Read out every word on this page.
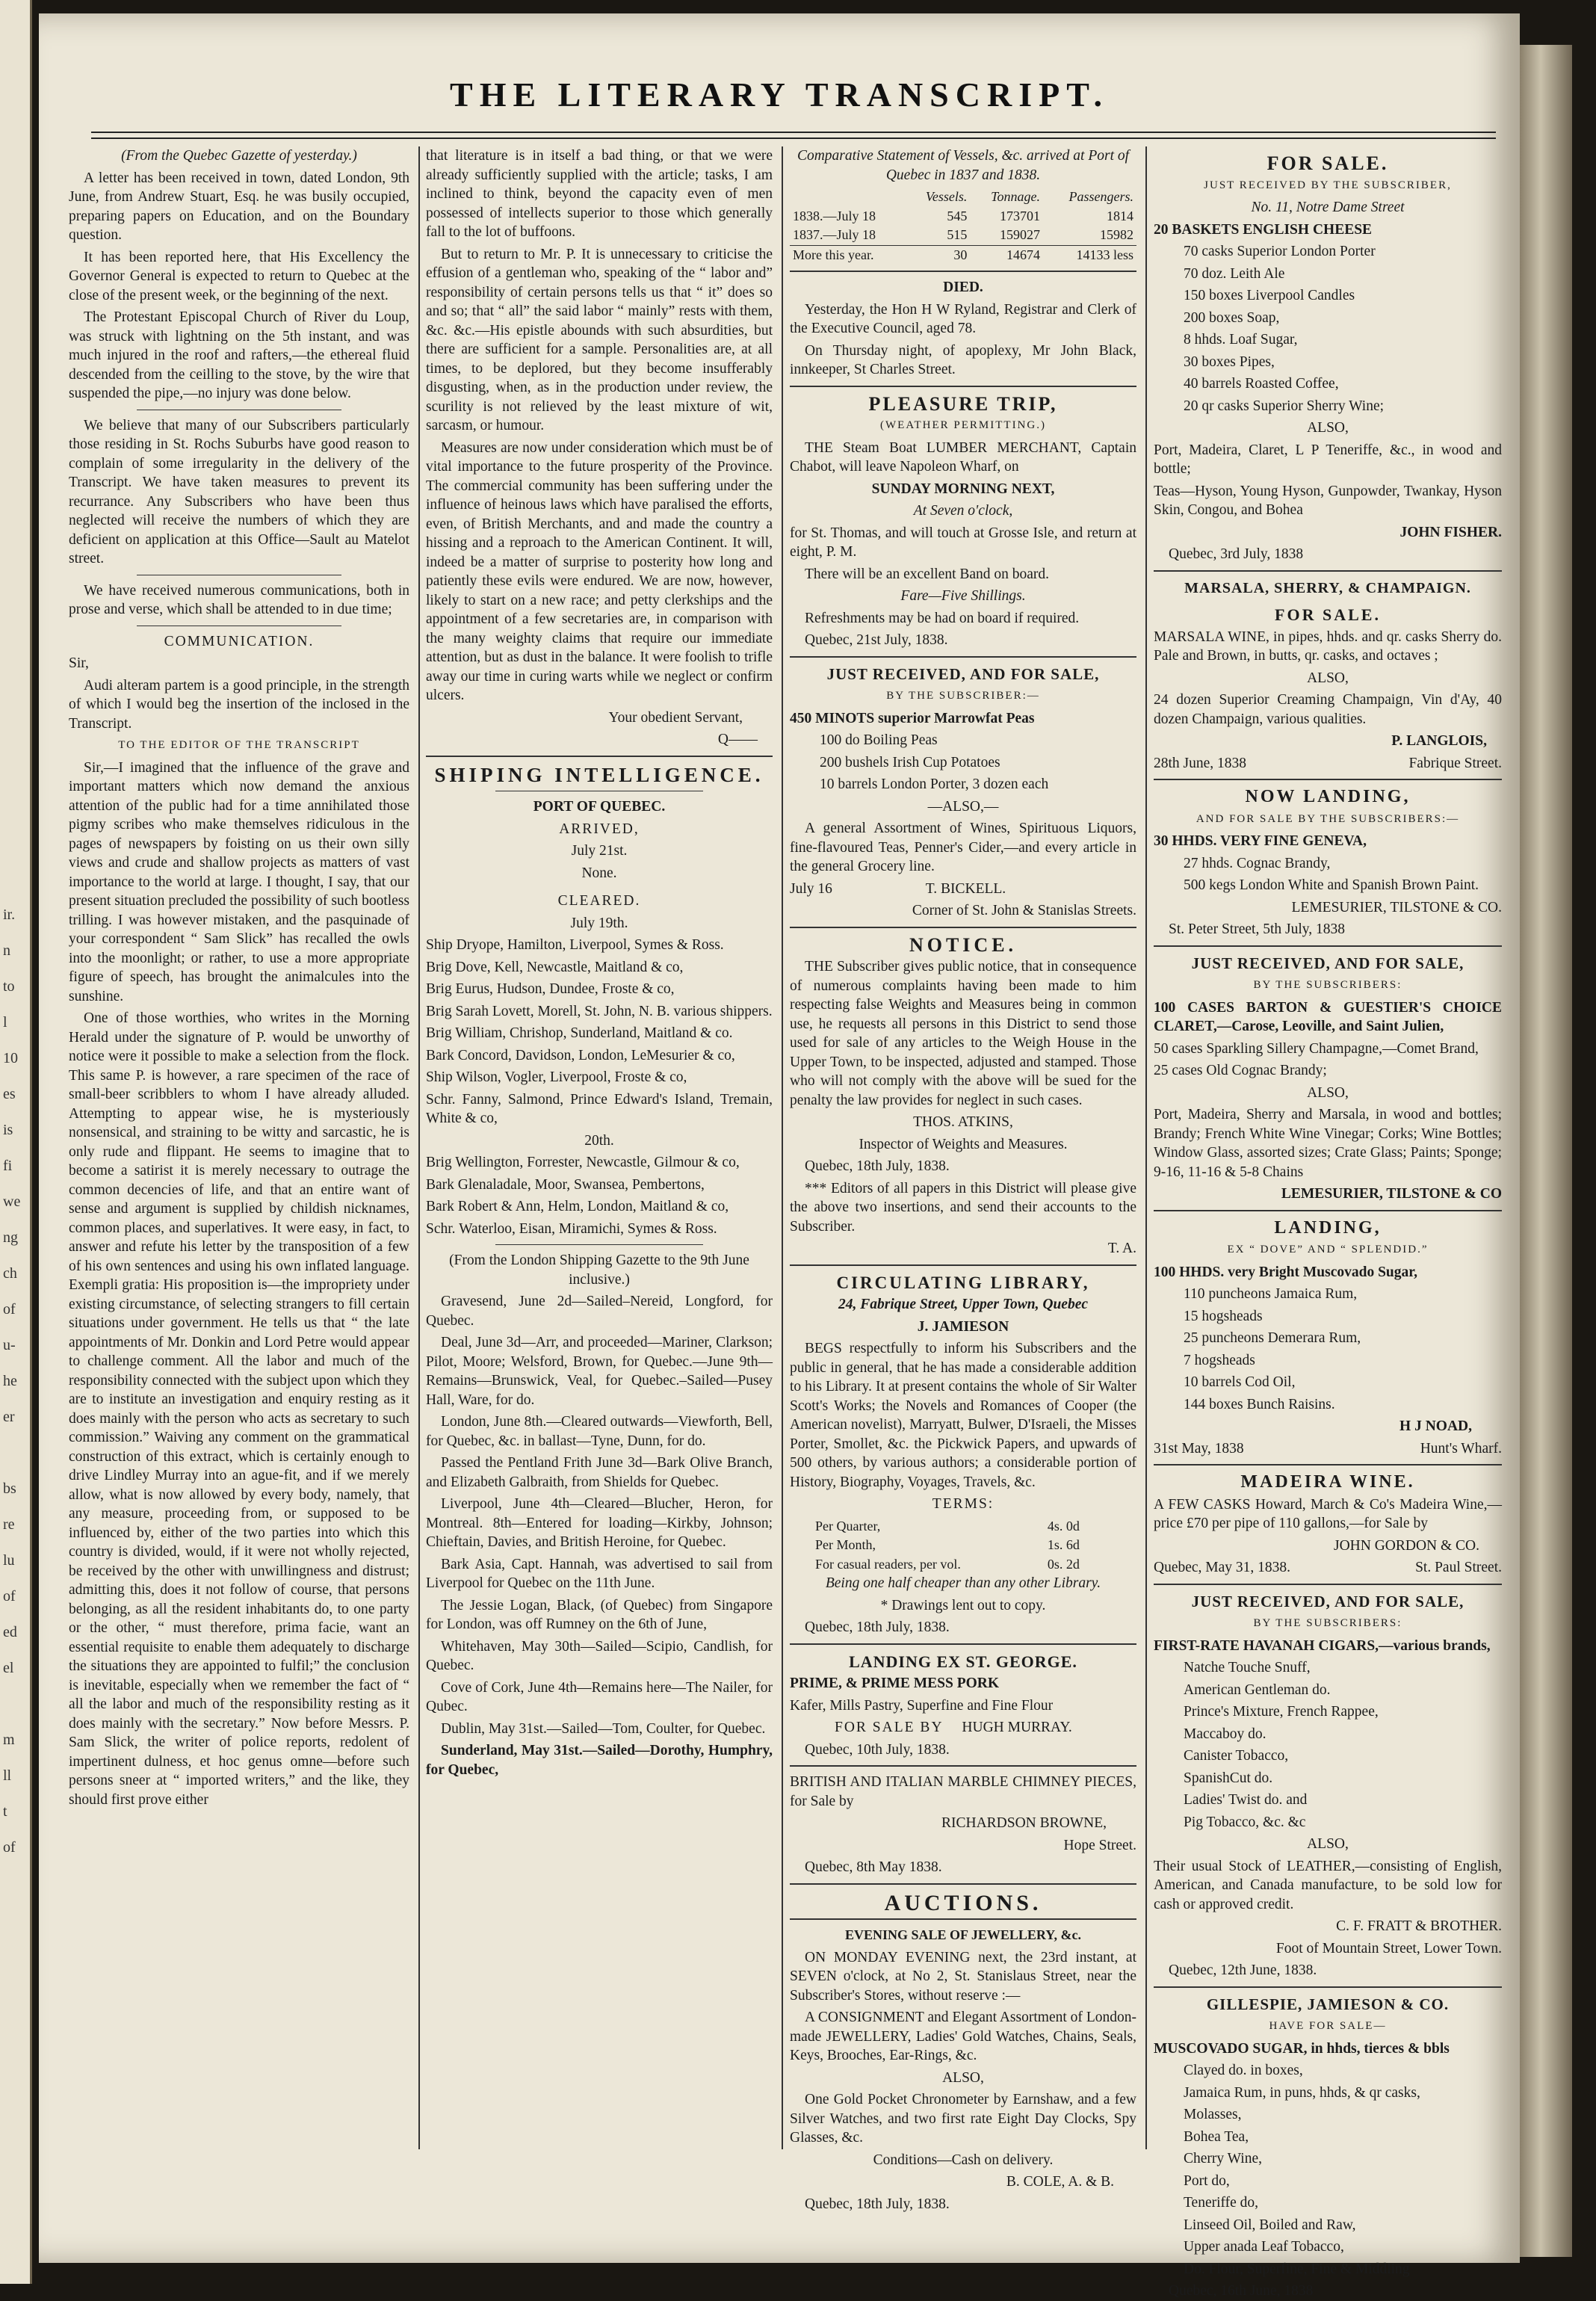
ir.
n
to
l
10
es
is
fi
we
ng
ch
of
u-
he
er

bs
re
lu
of
ed
el

m
ll
t
of
THE LITERARY TRANSCRIPT.

(From the Quebec Gazette of yesterday.)

A letter has been received in town, dated London, 9th June, from Andrew Stuart, Esq. he was busily occupied, preparing papers on Education, and on the Boundary question.

It has been reported here, that His Excellency the Governor General is expected to return to Quebec at the close of the present week, or the beginning of the next.

The Protestant Episcopal Church of River du Loup, was struck with lightning on the 5th instant, and was much injured in the roof and rafters,—the ethereal fluid descended from the ceilling to the stove, by the wire that suspended the pipe,—no injury was done below.

We believe that many of our Subscribers particularly those residing in St. Rochs Suburbs have good reason to complain of some irregularity in the delivery of the Transcript. We have taken measures to prevent its recurrance. Any Subscribers who have been thus neglected will receive the numbers of which they are deficient on application at this Office—Sault au Matelot street.

We have received numerous communications, both in prose and verse, which shall be attended to in due time;

COMMUNICATION.

Sir,

Audi alteram partem is a good principle, in the strength of which I would beg the insertion of the inclosed in the Transcript.

TO THE EDITOR OF THE TRANSCRIPT

Sir,—I imagined that the influence of the grave and important matters which now demand the anxious attention of the public had for a time annihilated those pigmy scribes who make themselves ridiculous in the pages of newspapers by foisting on us their own silly views and crude and shallow projects as matters of vast importance to the world at large. I thought, I say, that our present situation precluded the possibility of such bootless trilling. I was however mistaken, and the pasquinade of your correspondent “ Sam Slick” has recalled the owls into the moonlight; or rather, to use a more appropriate figure of speech, has brought the animalcules into the sunshine.

One of those worthies, who writes in the Morning Herald under the signature of P. would be unworthy of notice were it possible to make a selection from the flock. This same P. is however, a rare specimen of the race of small-beer scribblers to whom I have already alluded. Attempting to appear wise, he is mysteriously nonsensical, and straining to be witty and sarcastic, he is only rude and flippant. He seems to imagine that to become a satirist it is merely necessary to outrage the common decencies of life, and that an entire want of sense and argument is supplied by childish nicknames, common places, and superlatives. It were easy, in fact, to answer and refute his letter by the transposition of a few of his own sentences and using his own inflated language. Exempli gratia: His proposition is—the impropriety under existing circumstance, of selecting strangers to fill certain situations under government. He tells us that “ the late appointments of Mr. Donkin and Lord Petre would appear to challenge comment. All the labor and much of the responsibility connected with the subject upon which they are to institute an investigation and enquiry resting as it does mainly with the person who acts as secretary to such commission.” Waiving any comment on the grammatical construction of this extract, which is certainly enough to drive Lindley Murray into an ague-fit, and if we merely allow, what is now allowed by every body, namely, that any measure, proceeding from, or supposed to be influenced by, either of the two parties into which this country is divided, would, if it were not wholly rejected, be received by the other with unwillingness and distrust; admitting this, does it not follow of course, that persons belonging, as all the resident inhabitants do, to one party or the other, “ must therefore, prima facie, want an essential requisite to enable them adequately to discharge the situations they are appointed to fulfil;” the conclusion is inevitable, especially when we remember the fact of “ all the labor and much of the responsibility resting as it does mainly with the secretary.” Now before Messrs. P. Sam Slick, the writer of police reports, redolent of impertinent dulness, et hoc genus omne—before such persons sneer at “ imported writers,” and the like, they should first prove either

that literature is in itself a bad thing, or that we were already sufficiently supplied with the article; tasks, I am inclined to think, beyond the capacity even of men possessed of intellects superior to those which generally fall to the lot of buffoons.

But to return to Mr. P. It is unnecessary to criticise the effusion of a gentleman who, speaking of the “ labor and” responsibility of certain persons tells us that “ it” does so and so; that “ all” the said labor “ mainly” rests with them, &c. &c.—His epistle abounds with such absurdities, but there are sufficient for a sample. Personalities are, at all times, to be deplored, but they become insufferably disgusting, when, as in the production under review, the scurility is not relieved by the least mixture of wit, sarcasm, or humour.

Measures are now under consideration which must be of vital importance to the future prosperity of the Province. The commercial community has been suffering under the influence of heinous laws which have paralised the efforts, even, of British Merchants, and and made the country a hissing and a reproach to the American Continent. It will, indeed be a matter of surprise to posterity how long and patiently these evils were endured. We are now, however, likely to start on a new race; and petty clerkships and the appointment of a few secretaries are, in comparison with the many weighty claims that require our immediate attention, but as dust in the balance. It were foolish to trifle away our time in curing warts while we neglect or confirm ulcers.

Your obedient Servant,

Q——

SHIPING INTELLIGENCE.

PORT OF QUEBEC.

ARRIVED,

July 21st.

None.

CLEARED.

July 19th.

Ship Dryope, Hamilton, Liverpool, Symes & Ross.

Brig Dove, Kell, Newcastle, Maitland & co,

Brig Eurus, Hudson, Dundee, Froste & co,

Brig Sarah Lovett, Morell, St. John, N. B. various shippers.

Brig William, Chrishop, Sunderland, Maitland & co.

Bark Concord, Davidson, London, LeMesurier & co,

Ship Wilson, Vogler, Liverpool, Froste & co,

Schr. Fanny, Salmond, Prince Edward's Island, Tremain, White & co,

20th.

Brig Wellington, Forrester, Newcastle, Gilmour & co,

Bark Glenaladale, Moor, Swansea, Pembertons,

Bark Robert & Ann, Helm, London, Maitland & co,

Schr. Waterloo, Eisan, Miramichi, Symes & Ross.

(From the London Shipping Gazette to the 9th June inclusive.)

Gravesend, June 2d—Sailed–Nereid, Longford, for Quebec.

Deal, June 3d—Arr, and proceeded—Mariner, Clarkson; Pilot, Moore; Welsford, Brown, for Quebec.—June 9th—Remains—Brunswick, Veal, for Quebec.–Sailed—Pusey Hall, Ware, for do.

London, June 8th.—Cleared outwards—Viewforth, Bell, for Quebec, &c. in ballast—Tyne, Dunn, for do.

Passed the Pentland Frith June 3d—Bark Olive Branch, and Elizabeth Galbraith, from Shields for Quebec.

Liverpool, June 4th—Cleared—Blucher, Heron, for Montreal. 8th—Entered for loading—Kirkby, Johnson; Chieftain, Davies, and British Heroine, for Quebec.

Bark Asia, Capt. Hannah, was advertised to sail from Liverpool for Quebec on the 11th June.

The Jessie Logan, Black, (of Quebec) from Singapore for London, was off Rumney on the 6th of June,

Whitehaven, May 30th—Sailed—Scipio, Candlish, for Quebec.

Cove of Cork, June 4th—Remains here—The Nailer, for Qubec.

Dublin, May 31st.—Sailed—Tom, Coulter, for Quebec.

Sunderland, May 31st.—Sailed—Dorothy, Humphry, for Quebec,

Comparative Statement of Vessels, &c. arrived at Port of Quebec in 1837 and 1838.

	Vessels.	Tonnage.	Passengers.
1838.—July 18	545	173701	1814
1837.—July 18	515	159027	15982
More this year.	30	14674	14133 less

DIED.

Yesterday, the Hon H W Ryland, Registrar and Clerk of the Executive Council, aged 78.

On Thursday night, of apoplexy, Mr John Black, innkeeper, St Charles Street.

PLEASURE TRIP,

(WEATHER PERMITTING.)

THE Steam Boat LUMBER MERCHANT, Captain Chabot, will leave Napoleon Wharf, on

SUNDAY MORNING NEXT,

At Seven o'clock,

for St. Thomas, and will touch at Grosse Isle, and return at eight, P. M.

There will be an excellent Band on board.

Fare—Five Shillings.

Refreshments may be had on board if required.

Quebec, 21st July, 1838.

JUST RECEIVED, AND FOR SALE,

BY THE SUBSCRIBER:—

450 MINOTS superior Marrowfat Peas

100 do Boiling Peas

200 bushels Irish Cup Potatoes

10 barrels London Porter, 3 dozen each

—ALSO,—

A general Assortment of Wines, Spirituous Liquors, fine-flavoured Teas, Penner's Cider,—and every article in the general Grocery line.

July 16	T. BICKELL.

Corner of St. John & Stanislas Streets.

NOTICE.

THE Subscriber gives public notice, that in consequence of numerous complaints having been made to him respecting false Weights and Measures being in common use, he requests all persons in this District to send those used for sale of any articles to the Weigh House in the Upper Town, to be inspected, adjusted and stamped. Those who will not comply with the above will be sued for the penalty the law provides for neglect in such cases.

THOS. ATKINS,

Inspector of Weights and Measures.

Quebec, 18th July, 1838.

*** Editors of all papers in this District will please give the above two insertions, and send their accounts to the Subscriber.

T. A.

CIRCULATING LIBRARY,

24, Fabrique Street, Upper Town, Quebec

J. JAMIESON

BEGS respectfully to inform his Subscribers and the public in general, that he has made a considerable addition to his Library. It at present contains the whole of Sir Walter Scott's Works; the Novels and Romances of Cooper (the American novelist), Marryatt, Bulwer, D'Israeli, the Misses Porter, Smollet, &c. the Pickwick Papers, and upwards of 500 others, by various authors; a considerable portion of History, Biography, Voyages, Travels, &c.

TERMS:

Per Quarter,	4s. 0d
Per Month,	1s. 6d
For casual readers, per vol.	0s. 2d

Being one half cheaper than any other Library.

* Drawings lent out to copy.

Quebec, 18th July, 1838.

LANDING EX ST. GEORGE.

PRIME, & PRIME MESS PORK

Kafer, Mills Pastry, Superfine and Fine Flour

FOR SALE BY HUGH MURRAY.

Quebec, 10th July, 1838.

BRITISH AND ITALIAN MARBLE CHIMNEY PIECES, for Sale by

RICHARDSON BROWNE,

Hope Street.

Quebec, 8th May 1838.

AUCTIONS.

EVENING SALE OF JEWELLERY, &c.

ON MONDAY EVENING next, the 23rd instant, at SEVEN o'clock, at No 2, St. Stanislaus Street, near the Subscriber's Stores, without reserve :—

A CONSIGNMENT and Elegant Assortment of London-made JEWELLERY, Ladies' Gold Watches, Chains, Seals, Keys, Brooches, Ear-Rings, &c.

ALSO,

One Gold Pocket Chronometer by Earnshaw, and a few Silver Watches, and two first rate Eight Day Clocks, Spy Glasses, &c.

Conditions—Cash on delivery.

B. COLE, A. & B.

Quebec, 18th July, 1838.

FOR SALE.

JUST RECEIVED BY THE SUBSCRIBER,

No. 11, Notre Dame Street

20 BASKETS ENGLISH CHEESE

70 casks Superior London Porter

70 doz. Leith Ale

150 boxes Liverpool Candles

200 boxes Soap,

8 hhds. Loaf Sugar,

30 boxes Pipes,

40 barrels Roasted Coffee,

20 qr casks Superior Sherry Wine;

ALSO,

Port, Madeira, Claret, L P Teneriffe, &c., in wood and bottle;

Teas—Hyson, Young Hyson, Gunpowder, Twankay, Hyson Skin, Congou, and Bohea

JOHN FISHER.

Quebec, 3rd July, 1838

MARSALA, SHERRY, & CHAMPAIGN.
FOR SALE.

MARSALA WINE, in pipes, hhds. and qr. casks Sherry do. Pale and Brown, in butts, qr. casks, and octaves ;

ALSO,

24 dozen Superior Creaming Champaign, Vin d'Ay, 40 dozen Champaign, various qualities.

P. LANGLOIS,

28th June, 1838	Fabrique Street.

NOW LANDING,

AND FOR SALE BY THE SUBSCRIBERS:—

30 HHDS. VERY FINE GENEVA,

27 hhds. Cognac Brandy,

500 kegs London White and Spanish Brown Paint.

LEMESURIER, TILSTONE & CO.

St. Peter Street, 5th July, 1838

JUST RECEIVED, AND FOR SALE,

BY THE SUBSCRIBERS:

100 CASES BARTON & GUESTIER'S CHOICE CLARET,—Carose, Leoville, and Saint Julien,

50 cases Sparkling Sillery Champagne,—Comet Brand,

25 cases Old Cognac Brandy;

ALSO,

Port, Madeira, Sherry and Marsala, in wood and bottles; Brandy; French White Wine Vinegar; Corks; Wine Bottles; Window Glass, assorted sizes; Crate Glass; Paints; Sponge; 9-16, 11-16 & 5-8 Chains

LEMESURIER, TILSTONE & CO

LANDING,

EX “ DOVE” AND “ SPLENDID.”

100 HHDS. very Bright Muscovado Sugar,

110 puncheons Jamaica Rum,

15 hogsheads

25 puncheons Demerara Rum,

7 hogsheads

10 barrels Cod Oil,

144 boxes Bunch Raisins.

H J NOAD,

31st May, 1838	Hunt's Wharf.

MADEIRA WINE.

A FEW CASKS Howard, March & Co's Madeira Wine,—price £70 per pipe of 110 gallons,—for Sale by

JOHN GORDON & CO.

Quebec, May 31, 1838.	St. Paul Street.

JUST RECEIVED, AND FOR SALE,

BY THE SUBSCRIBERS:

FIRST-RATE HAVANAH CIGARS,—various brands,

Natche Touche Snuff,

American Gentleman do.

Prince's Mixture, French Rappee,

Maccaboy do.

Canister Tobacco,

SpanishCut do.

Ladies' Twist do. and

Pig Tobacco, &c. &c

ALSO,

Their usual Stock of LEATHER,—consisting of English, American, and Canada manufacture, to be sold low for cash or approved credit.

C. F. FRATT & BROTHER.

Foot of Mountain Street, Lower Town.

Quebec, 12th June, 1838.

GILLESPIE, JAMIESON & CO.

HAVE FOR SALE—

MUSCOVADO SUGAR, in hhds, tierces & bbls

Clayed do. in boxes,

Jamaica Rum, in puns, hhds, & qr casks,

Molasses,

Bohea Tea,

Cherry Wine,

Port do,

Teneriffe do,

Linseed Oil, Boiled and Raw,

Upper anada Leaf Tobacco,

Do. Flour, Superfine, Fine & Middling

Quebec, 16th June, 1838
